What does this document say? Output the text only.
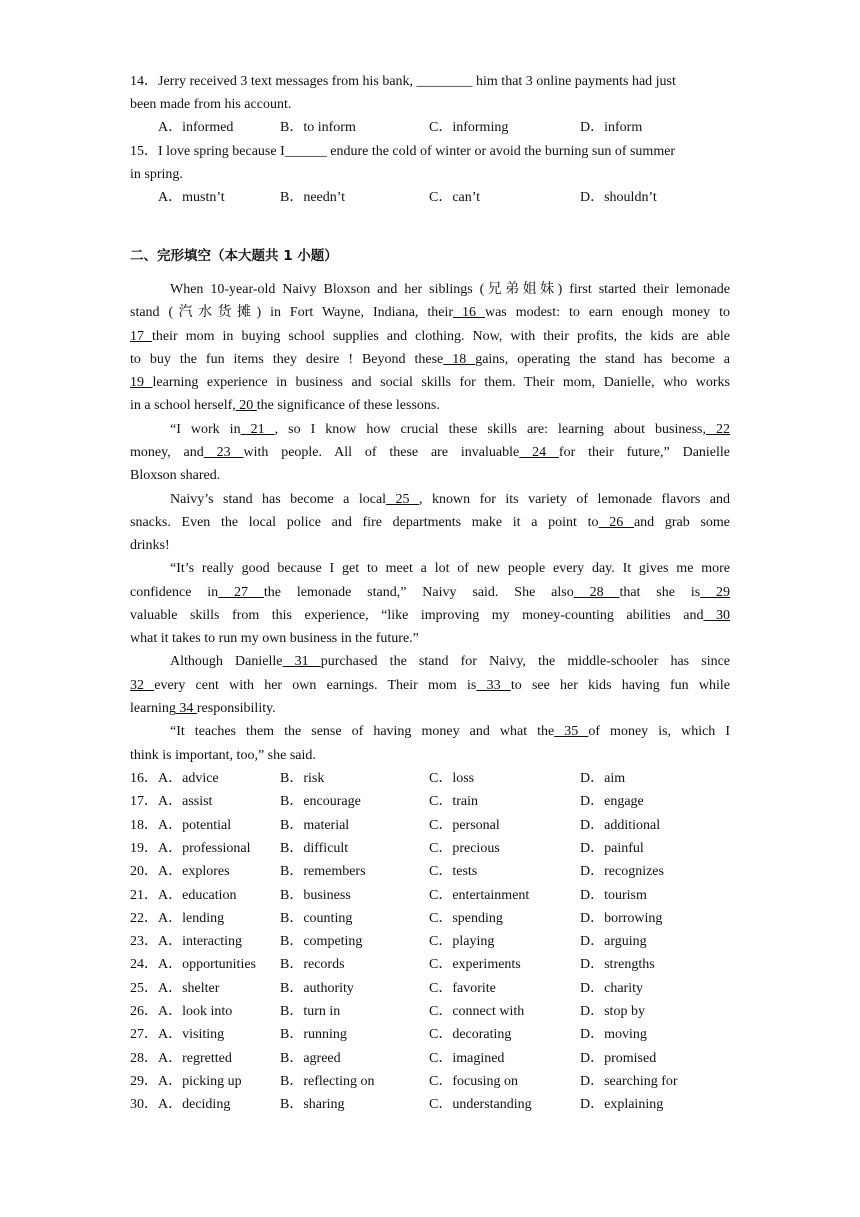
14．Jerry received 3 text messages from his bank, ________ him that 3 online payments had just
been made from his account.
A．informed	B．to inform	C．informing	D．inform
15．I love spring because I______ endure the cold of winter or avoid the burning sun of summer
in spring.
A．mustn’t	B．needn’t	C．can’t	D．shouldn’t
二、完形填空（本大题共 1 小题）
When 10-year-old Naivy Bloxson and her siblings (兄弟姐妹) first started their lemonade
stand (汽水货摊) in Fort Wayne, Indiana, their 16 was modest: to earn enough money to
17 their mom in buying school supplies and clothing. Now, with their profits, the kids are able
to buy the fun items they desire ! Beyond these 18 gains, operating the stand has become a
19 learning experience in business and social skills for them. Their mom, Danielle, who works
in a school herself, 20 the significance of these lessons.
“I work in 21 , so I know how crucial these skills are: learning about business, 22
money, and 23 with people. All of these are invaluable 24 for their future,” Danielle
Bloxson shared.
Naivy’s stand has become a local 25 , known for its variety of lemonade flavors and
snacks. Even the local police and fire departments make it a point to 26 and grab some
drinks!
“It’s really good because I get to meet a lot of new people every day. It gives me more
confidence in 27 the lemonade stand,” Naivy said. She also 28 that she is 29
valuable skills from this experience, “like improving my money-counting abilities and 30
what it takes to run my own business in the future.”
Although Danielle 31 purchased the stand for Naivy, the middle-schooler has since
32 every cent with her own earnings. Their mom is 33 to see her kids having fun while
learning 34 responsibility.
“It teaches them the sense of having money and what the 35 of money is, which I
think is important, too,” she said.
16． A．advice	B．risk	C．loss	D．aim
17． A．assist	B．encourage	C．train	D．engage
18． A．potential	B．material	C．personal	D．additional
19． A．professional B．difficult	C．precious	D．painful
20． A．explores	B．remembers	C．tests	D．recognizes
21． A．education	B．business	C．entertainment	D．tourism
22． A．lending	B．counting	C．spending	D．borrowing
23． A．interacting	B．competing	C．playing	D．arguing
24． A．opportunities B．records	C．experiments	D．strengths
25． A．shelter	B．authority	C．favorite	D．charity
26． A．look into	B．turn in	C．connect with	D．stop by
27． A．visiting	B．running	C．decorating	D．moving
28． A．regretted	B．agreed	C．imagined	D．promised
29． A．picking up	B．reflecting on	C．focusing on	D．searching for
30． A．deciding	B．sharing	C．understanding	D．explaining
